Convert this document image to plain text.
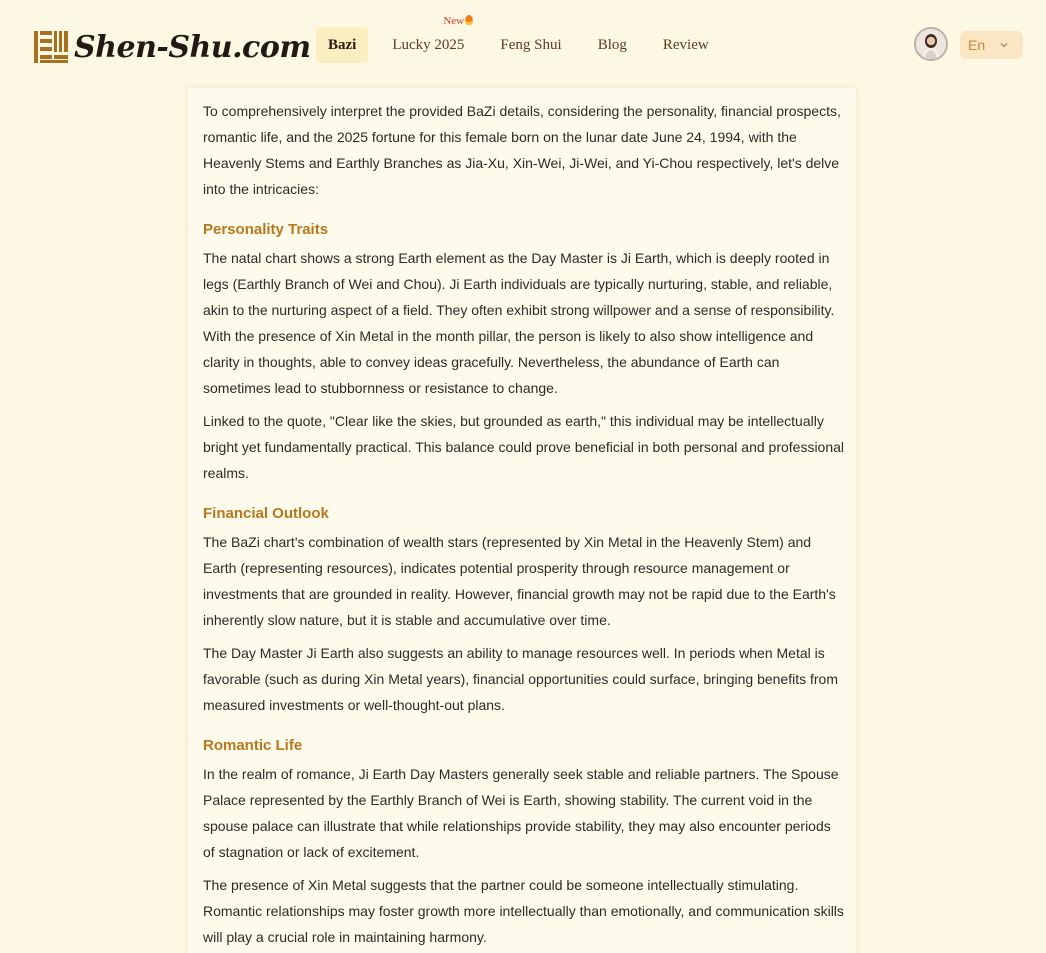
Shen-Shu.com	Bazi	Lucky 2025
New
Feng Shui	Blog	Review	En

To comprehensively interpret the provided BaZi details, considering the personality, financial prospects, romantic life, and the 2025 fortune for this female born on the lunar date June 24, 1994, with the Heavenly Stems and Earthly Branches as Jia-Xu, Xin-Wei, Ji-Wei, and Yi-Chou respectively, let's delve into the intricacies:

Personality Traits

The natal chart shows a strong Earth element as the Day Master is Ji Earth, which is deeply rooted in legs (Earthly Branch of Wei and Chou). Ji Earth individuals are typically nurturing, stable, and reliable, akin to the nurturing aspect of a field. They often exhibit strong willpower and a sense of responsibility. With the presence of Xin Metal in the month pillar, the person is likely to also show intelligence and clarity in thoughts, able to convey ideas gracefully. Nevertheless, the abundance of Earth can sometimes lead to stubbornness or resistance to change.

Linked to the quote, "Clear like the skies, but grounded as earth," this individual may be intellectually bright yet fundamentally practical. This balance could prove beneficial in both personal and professional realms.

Financial Outlook

The BaZi chart's combination of wealth stars (represented by Xin Metal in the Heavenly Stem) and Earth (representing resources), indicates potential prosperity through resource management or investments that are grounded in reality. However, financial growth may not be rapid due to the Earth's inherently slow nature, but it is stable and accumulative over time.

The Day Master Ji Earth also suggests an ability to manage resources well. In periods when Metal is favorable (such as during Xin Metal years), financial opportunities could surface, bringing benefits from measured investments or well-thought-out plans.

Romantic Life

In the realm of romance, Ji Earth Day Masters generally seek stable and reliable partners. The Spouse Palace represented by the Earthly Branch of Wei is Earth, showing stability. The current void in the spouse palace can illustrate that while relationships provide stability, they may also encounter periods of stagnation or lack of excitement.

The presence of Xin Metal suggests that the partner could be someone intellectually stimulating. Romantic relationships may foster growth more intellectually than emotionally, and communication skills will play a crucial role in maintaining harmony.
